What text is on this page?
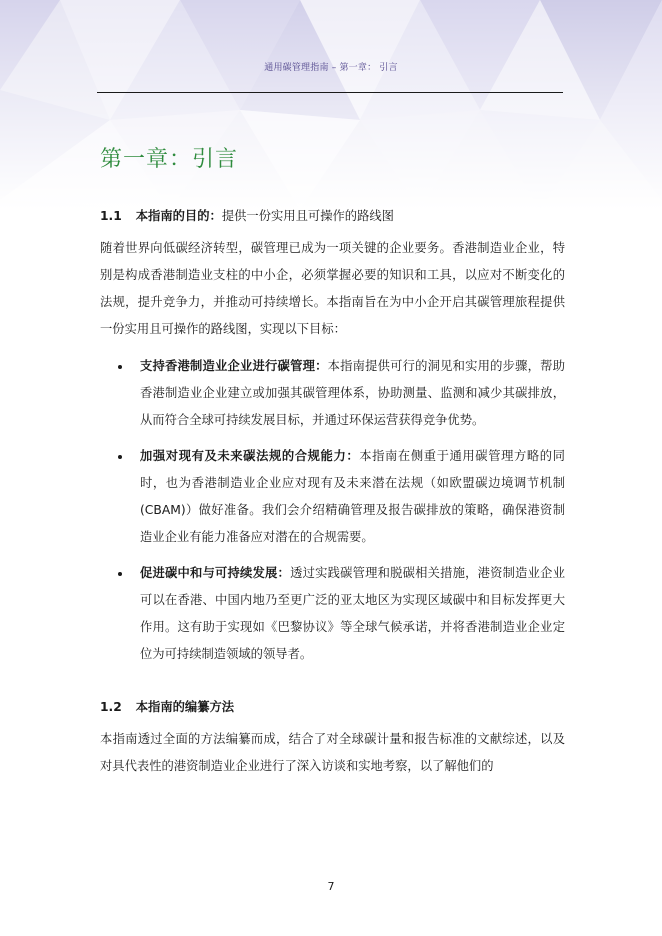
通用碳管理指南 – 第一章： 引言
第一章：引言
1.1 本指南的目的：提供一份实用且可操作的路线图

随着世界向低碳经济转型，碳管理已成为一项关键的企业要务。香港制造业企业，特别是构成香港制造业支柱的中小企，必须掌握必要的知识和工具，以应对不断变化的法规，提升竞争力，并推动可持续增长。本指南旨在为中小企开启其碳管理旅程提供一份实用且可操作的路线图，实现以下目标：

支持香港制造业企业进行碳管理：本指南提供可行的洞见和实用的步骤，帮助香港制造业企业建立或加强其碳管理体系，协助测量、监测和减少其碳排放，从而符合全球可持续发展目标，并通过环保运营获得竞争优势。
加强对现有及未来碳法规的合规能力：本指南在侧重于通用碳管理方略的同时，也为香港制造业企业应对现有及未来潜在法规（如欧盟碳边境调节机制 (CBAM)）做好准备。我们会介绍精确管理及报告碳排放的策略，确保港资制造业企业有能力准备应对潜在的合规需要。
促进碳中和与可持续发展：透过实践碳管理和脱碳相关措施，港资制造业企业可以在香港、中国内地乃至更广泛的亚太地区为实现区域碳中和目标发挥更大作用。这有助于实现如《巴黎协议》等全球气候承诺，并将香港制造业企业定位为可持续制造领域的领导者。
1.2 本指南的编纂方法

本指南透过全面的方法编纂而成，结合了对全球碳计量和报告标准的文献综述，以及对具代表性的港资制造业企业进行了深入访谈和实地考察，以了解他们的

7
